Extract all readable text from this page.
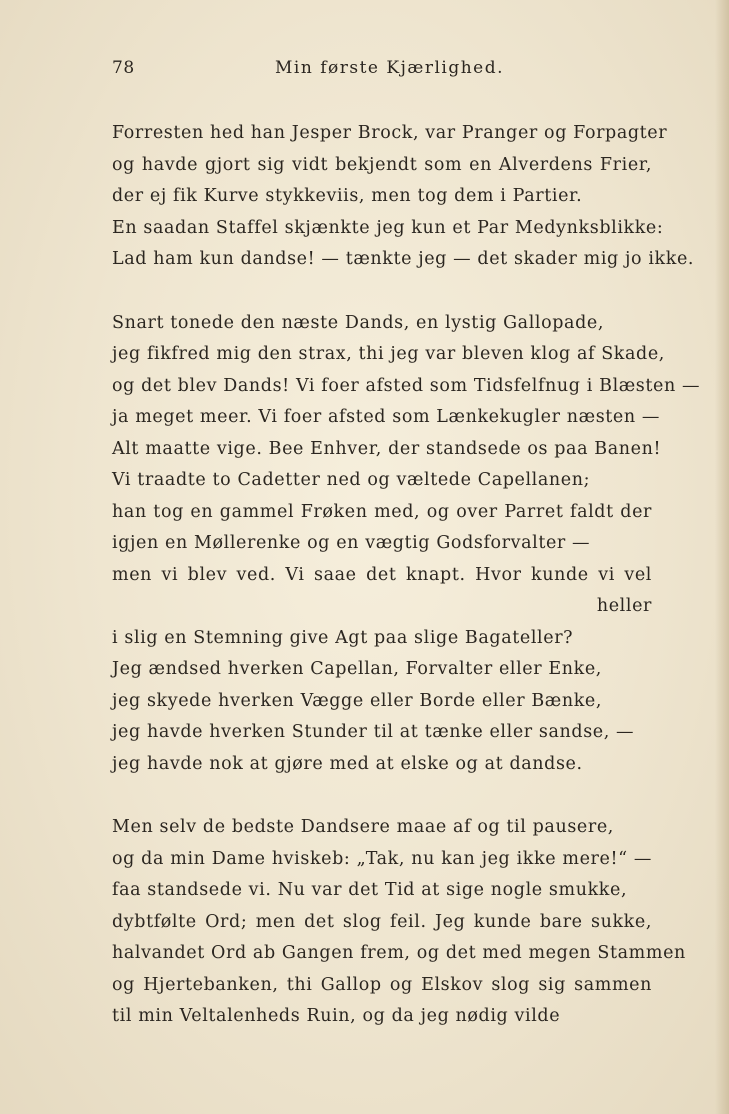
78	Min første Kjærlighed.
Forresten hed han Jesper Brock, var Pranger og Forpagter
og havde gjort sig vidt bekjendt som en Alverdens Frier,
der ej fik Kurve stykkeviis, men tog dem i Partier.
En saadan Staffel skjænkte jeg kun et Par Medynksblikke:
Lad ham kun dandse! — tænkte jeg — det skader mig jo ikke.
Snart tonede den næste Dands, en lystig Gallopade,
jeg fikfred mig den strax, thi jeg var bleven klog af Skade,
og det blev Dands! Vi foer afsted som Tidsfelfnug i Blæsten —
ja meget meer. Vi foer afsted som Lænkekugler næsten —
Alt maatte vige. Bee Enhver, der standsede os paa Banen!
Vi traadte to Cadetter ned og væltede Capellanen;
han tog en gammel Frøken med, og over Parret faldt der
igjen en Møllerenke og en vægtig Godsforvalter —
men vi blev ved. Vi saae det knapt. Hvor kunde vi vel
heller
i slig en Stemning give Agt paa slige Bagateller?
Jeg ændsed hverken Capellan, Forvalter eller Enke,
jeg skyede hverken Vægge eller Borde eller Bænke,
jeg havde hverken Stunder til at tænke eller sandse, —
jeg havde nok at gjøre med at elske og at dandse.
Men selv de bedste Dandsere maae af og til pausere,
og da min Dame hviskeb: „Tak, nu kan jeg ikke mere!“ —
faa standsede vi. Nu var det Tid at sige nogle smukke,
dybtfølte Ord; men det slog feil. Jeg kunde bare sukke,
halvandet Ord ab Gangen frem, og det med megen Stammen
og Hjertebanken, thi Gallop og Elskov slog sig sammen
til min Veltalenheds Ruin, og da jeg nødig vilde
